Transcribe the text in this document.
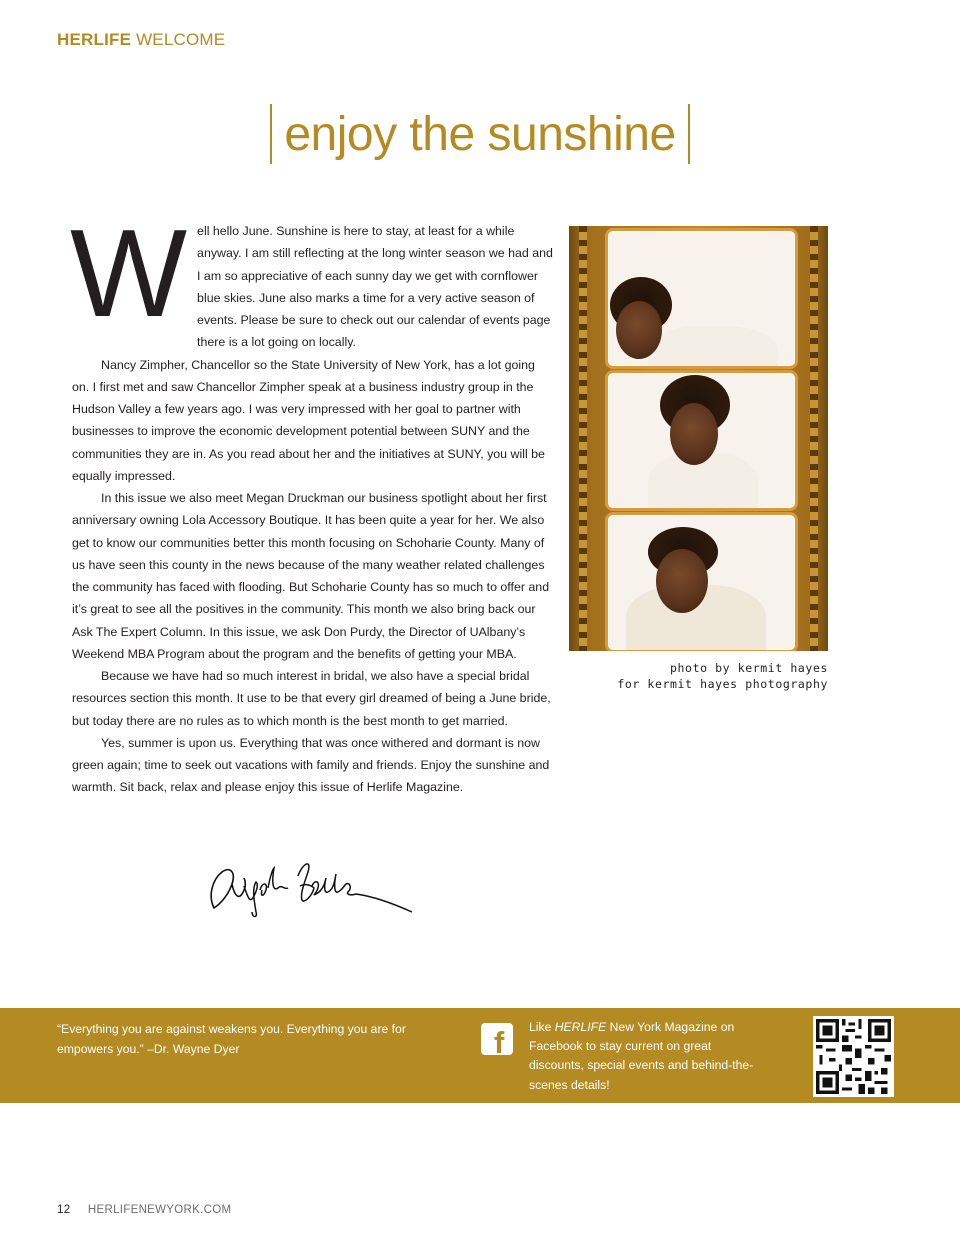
HERLIFE WELCOME
enjoy the sunshine

Well hello June. Sunshine is here to stay, at least for a while anyway. I am still reflecting at the long winter season we had and I am so appreciative of each sunny day we get with cornflower blue skies. June also marks a time for a very active season of events. Please be sure to check out our calendar of events page there is a lot going on locally.

Nancy Zimpher, Chancellor so the State University of New York, has a lot going on. I first met and saw Chancellor Zimpher speak at a business industry group in the Hudson Valley a few years ago. I was very impressed with her goal to partner with businesses to improve the economic development potential between SUNY and the communities they are in. As you read about her and the initiatives at SUNY, you will be equally impressed.

In this issue we also meet Megan Druckman our business spotlight about her first anniversary owning Lola Accessory Boutique. It has been quite a year for her. We also get to know our communities better this month focusing on Schoharie County. Many of us have seen this county in the news because of the many weather related challenges the community has faced with flooding. But Schoharie County has so much to offer and it’s great to see all the positives in the community. This month we also bring back our Ask The Expert Column. In this issue, we ask Don Purdy, the Director of UAlbany’s Weekend MBA Program about the program and the benefits of getting your MBA.

Because we have had so much interest in bridal, we also have a special bridal resources section this month. It use to be that every girl dreamed of being a June bride, but today there are no rules as to which month is the best month to get married.

Yes, summer is upon us. Everything that was once withered and dormant is now green again; time to seek out vacations with family and friends. Enjoy the sunshine and warmth. Sit back, relax and please enjoy this issue of Herlife Magazine.

photo by kermit hayes
for kermit hayes photography
“Everything you are against weakens you. Everything you are for empowers you.” –Dr. Wayne Dyer	f Like HERLIFE New York Magazine on Facebook to stay current on great discounts, special events and behind-the-scenes details!
12 HERLIFENEWYORK.COM
